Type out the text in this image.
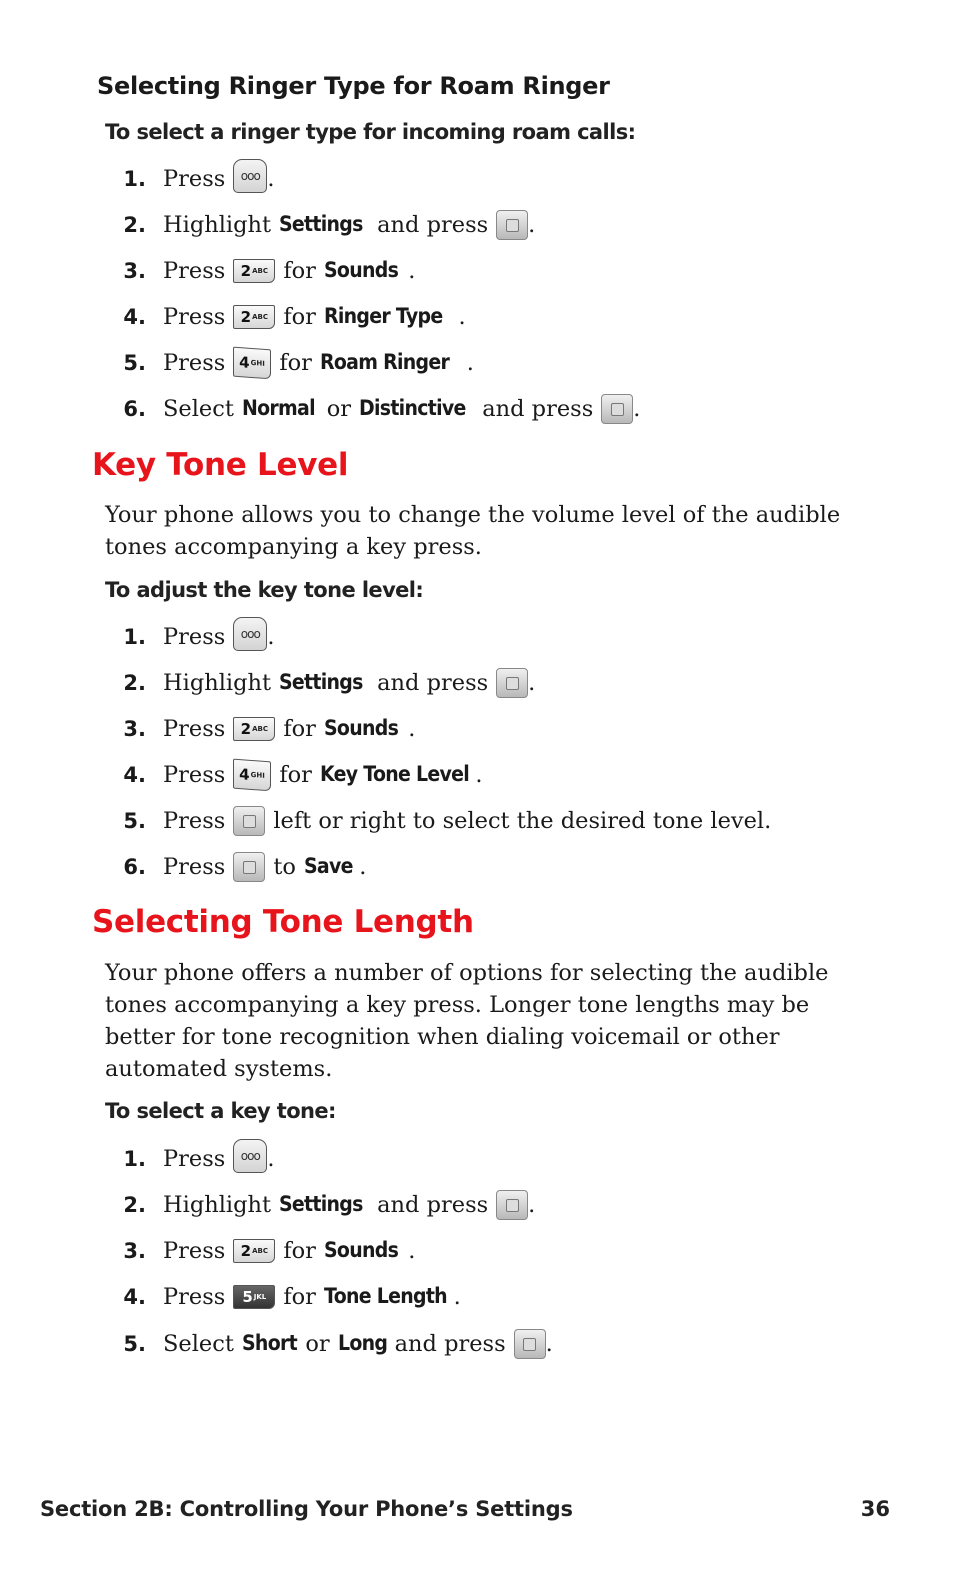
Selecting Ringer Type for Roam Ringer

To select a ringer type for incoming roam calls:

1. Press ooo .
2. Highlight Settings and press .
3. Press 2 ABC for Sounds .
4. Press 2 ABC for Ringer Type .
5. Press 4 GHI for Roam Ringer .
6. Select Normal or Distinctive and press .
Key Tone Level

Your phone allows you to change the volume level of the audible tones accompanying a key press.

To adjust the key tone level:

1. Press ooo .
2. Highlight Settings and press .
3. Press 2 ABC for Sounds .
4. Press 4 GHI for Key Tone Level .
5. Press left or right to select the desired tone level.
6. Press to Save .
Selecting Tone Length

Your phone offers a number of options for selecting the audible tones accompanying a key press. Longer tone lengths may be better for tone recognition when dialing voicemail or other automated systems.

To select a key tone:

1. Press ooo .
2. Highlight Settings and press .
3. Press 2 ABC for Sounds .
4. Press 5 JKL for Tone Length .
5. Select Short or Long and press .
Section 2B: Controlling Your Phone’s Settings	36
